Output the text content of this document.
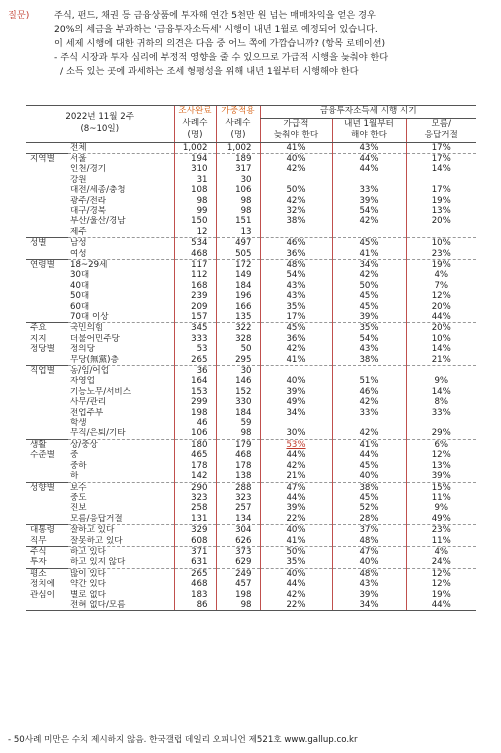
질문)	주식, 펀드, 채권 등 금융상품에 투자해 연간 5천만 원 넘는 매매차익을 얻은 경우
20%의 세금을 부과하는 '금융투자소득세' 시행이 내년 1월로 예정되어 있습니다.
이 세제 시행에 대한 귀하의 의견은 다음 중 어느 쪽에 가깝습니까? (항목 로테이션)
- 주식 시장과 투자 심리에 부정적 영향을 줄 수 있으므로 가급적 시행을 늦춰야 한다
/ 소득 있는 곳에 과세하는 조세 형평성을 위해 내년 1월부터 시행해야 한다
2022년 11월 2주
(8~10일)		조사완료	가중적용	금융투자소득세 시행 시기		
		사례수	사례수	가급적	내년 1월부터	모름/
		(명)	(명)	늦춰야 한다	해야 한다	응답거절
	전체	1,002	1,002	41%	43%	17%
지역별	서울	194	189	40%	44%	17%
	인천/경기	310	317	42%	44%	14%
	강원	31	30			
	대전/세종/충청	108	106	50%	33%	17%
	광주/전라	98	98	42%	39%	19%
	대구/경북	99	98	32%	54%	13%
	부산/울산/경남	150	151	38%	42%	20%
	제주	12	13			
성별	남성	534	497	46%	45%	10%
	여성	468	505	36%	41%	23%
연령별	18~29세	117	172	48%	34%	19%
	30대	112	149	54%	42%	4%
	40대	168	184	43%	50%	7%
	50대	239	196	43%	45%	12%
	60대	209	166	35%	45%	20%
	70대 이상	157	135	17%	39%	44%
주요	국민의힘	345	322	45%	35%	20%
지지	더불어민주당	333	328	36%	54%	10%
정당별	정의당	53	50	42%	43%	14%
	무당(無黨)층	265	295	41%	38%	21%
직업별	농/임/어업	36	30			
	자영업	164	146	40%	51%	9%
	기능노무/서비스	153	152	39%	46%	14%
	사무/관리	299	330	49%	42%	8%
	전업주부	198	184	34%	33%	33%
	학생	46	59			
	무직/은퇴/기타	106	98	30%	42%	29%
생활	상/중상	180	179	53%	41%	6%
수준별	중	465	468	44%	44%	12%
	중하	178	178	42%	45%	13%
	하	142	138	21%	40%	39%
성향별	보수	290	288	47%	38%	15%
	중도	323	323	44%	45%	11%
	진보	258	257	39%	52%	9%
	모름/응답거절	131	134	22%	28%	49%
대통령	잘하고 있다	329	304	40%	37%	23%
직무	잘못하고 있다	608	626	41%	48%	11%
주식	하고 있다	371	373	50%	47%	4%
투자	하고 있지 않다	631	629	35%	40%	24%
평소	많이 있다	265	249	40%	48%	12%
정치에	약간 있다	468	457	44%	43%	12%
관심이	별로 없다	183	198	42%	39%	19%
	전혀 없다/모름	86	98	22%	34%	44%
- 50사례 미만은 수치 제시하지 않음. 한국갤럽 데일리 오피니언 제521호 www.gallup.co.kr
